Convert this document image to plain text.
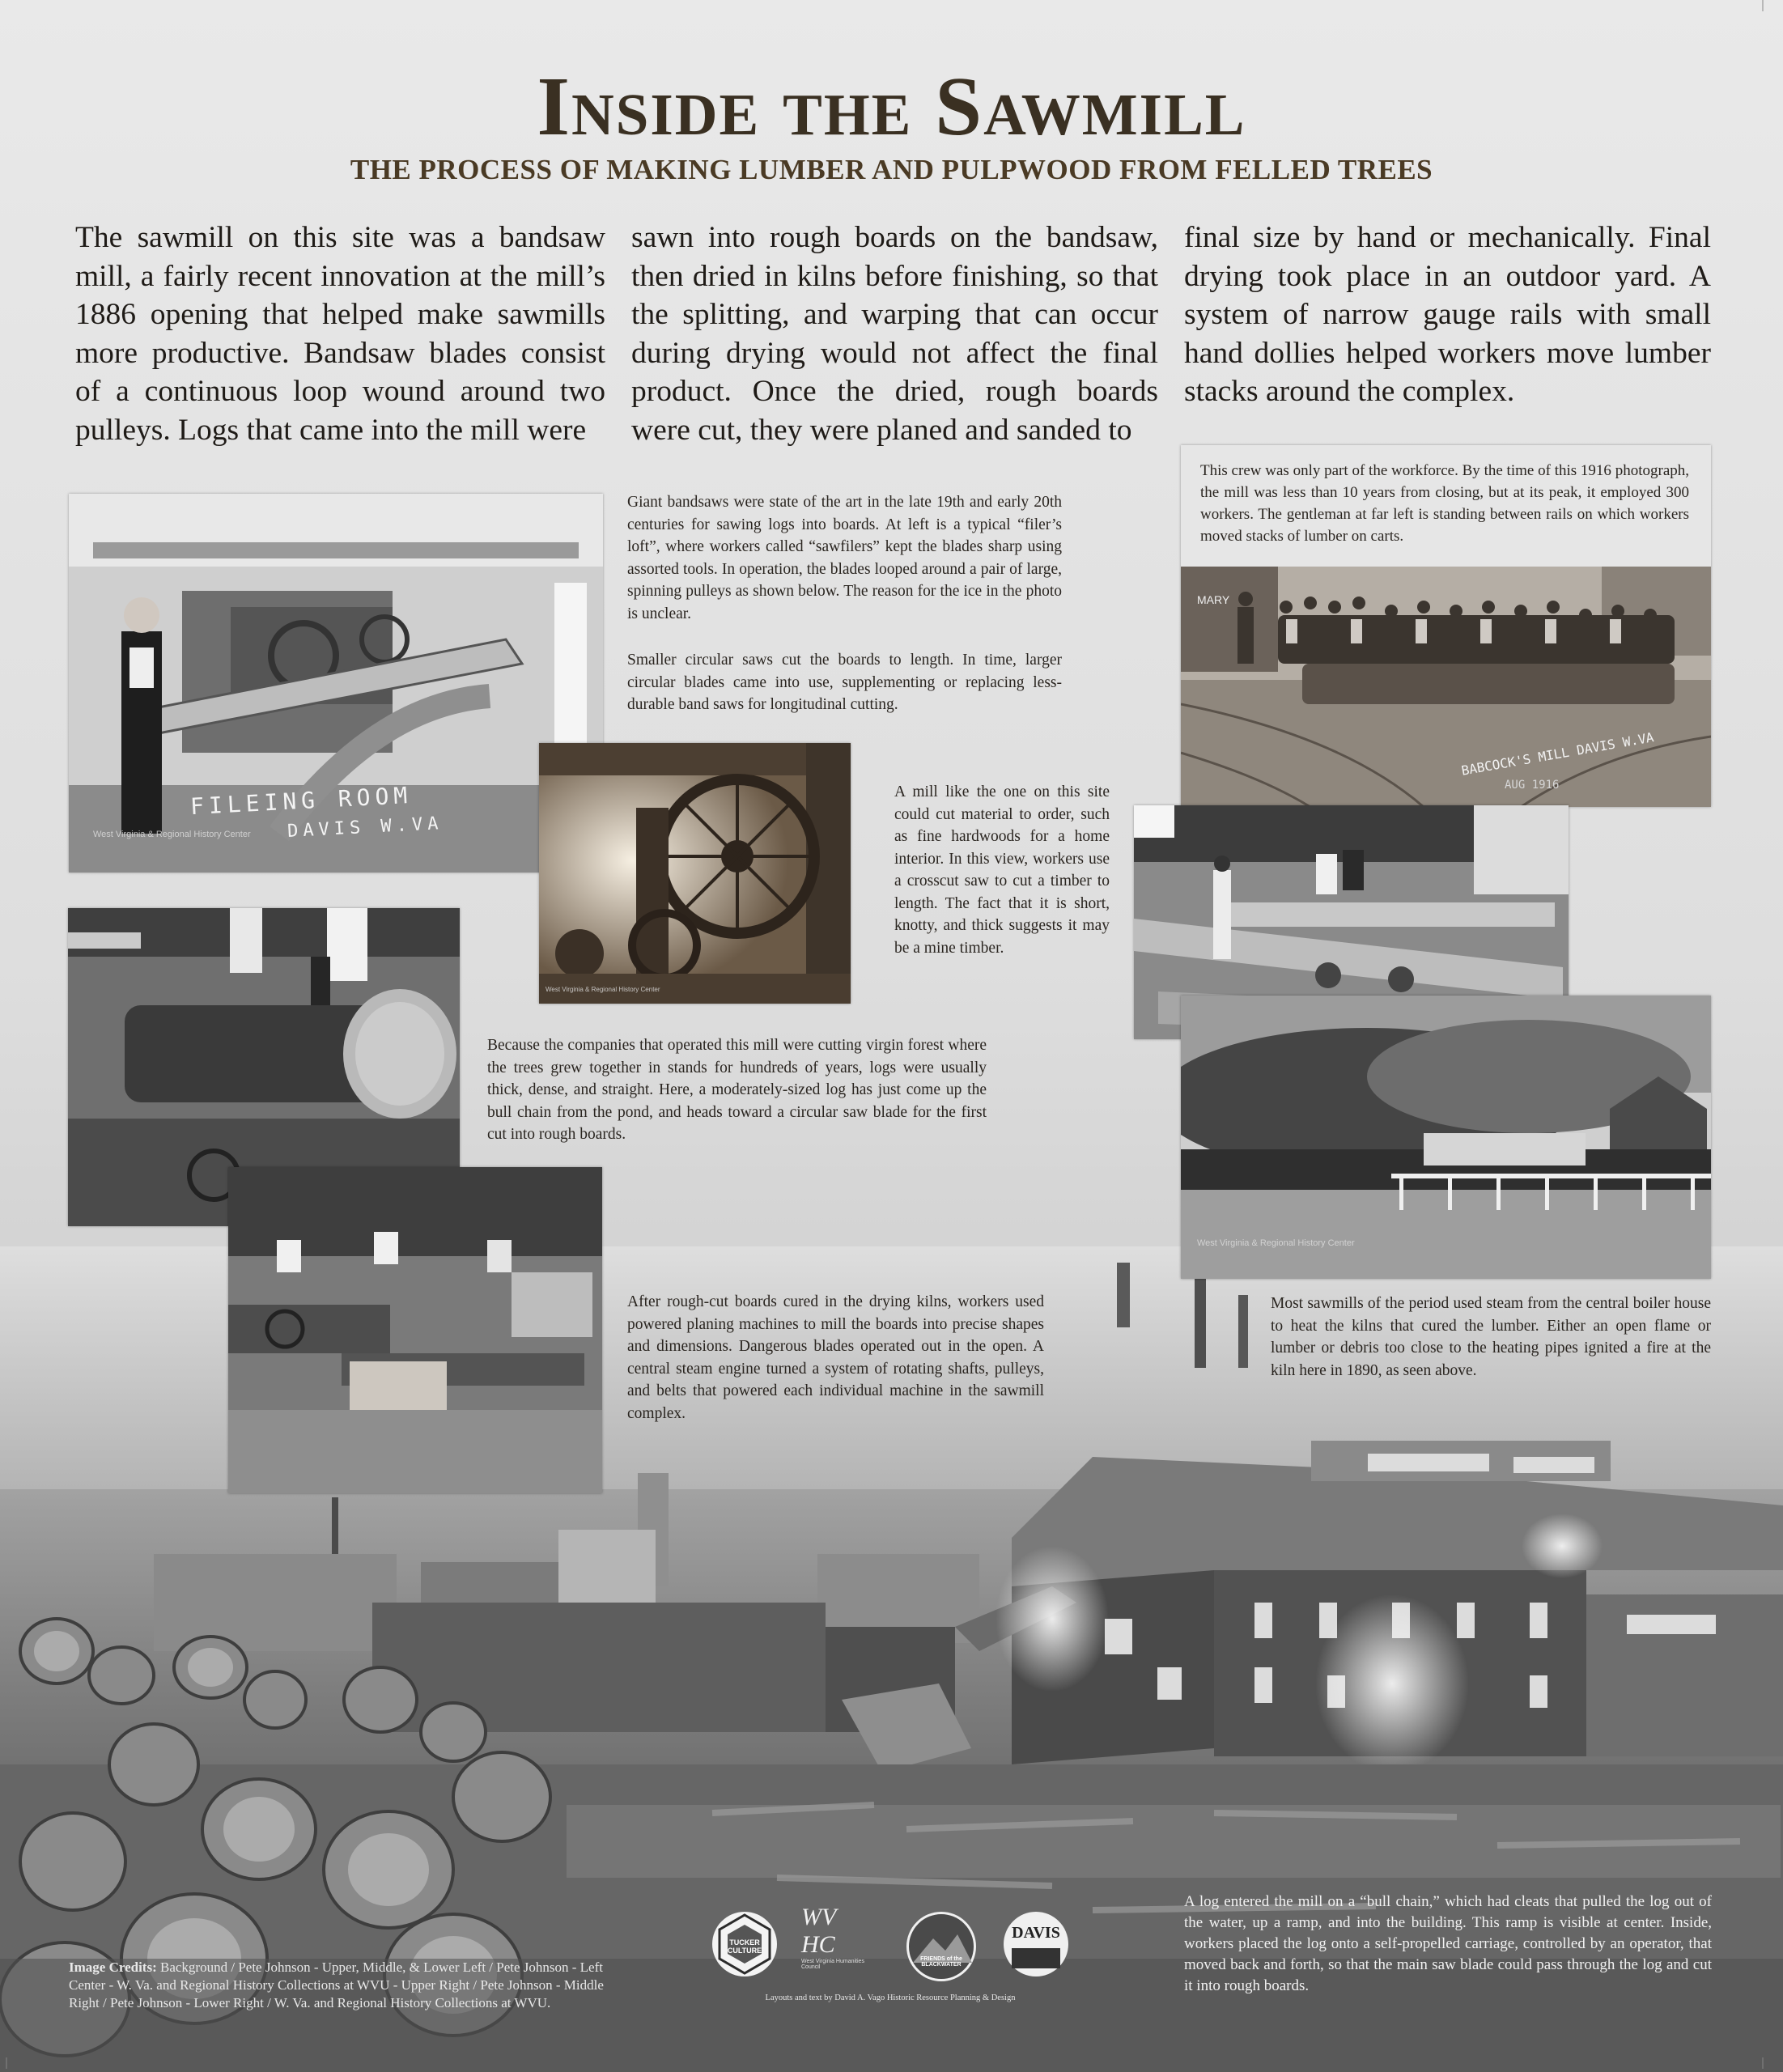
Inside the Sawmill
THE PROCESS OF MAKING LUMBER AND PULPWOOD FROM FELLED TREES
The sawmill on this site was a bandsaw mill, a fairly recent innovation at the mill’s 1886 opening that helped make sawmills more productive. Bandsaw blades consist of a continuous loop wound around two pulleys. Logs that came into the mill were
sawn into rough boards on the bandsaw, then dried in kilns before finishing, so that the splitting, and warping that can occur during drying would not affect the final product. Once the dried, rough boards were cut, they were planed and sanded to
final size by hand or mechanically. Final drying took place in an outdoor yard. A system of narrow gauge rails with small hand dollies helped workers move lumber stacks around the complex.
FILEING ROOM
DAVIS W.VA
West Virginia & Regional History Center
West Virginia & Regional History Center
This crew was only part of the workforce. By the time of this 1916 photograph, the mill was less than 10 years from closing, but at its peak, it employed 300 workers. The gentleman at far left is standing between rails on which workers moved stacks of lumber on carts.
MARY
BABCOCK'S MILL DAVIS W.VA
AUG 1916
West Virginia & Regional History Center
Giant bandsaws were state of the art in the late 19th and early 20th centuries for sawing logs into boards. At left is a typical “filer’s loft”, where workers called “sawfilers” kept the blades sharp using assorted tools. In operation, the blades looped around a pair of large, spinning pulleys as shown below. The reason for the ice in the photo is unclear.
Smaller circular saws cut the boards to length. In time, larger circular blades came into use, supplementing or replacing less-durable band saws for longitudinal cutting.
A mill like the one on this site could cut material to order, such as fine hardwoods for a home interior. In this view, workers use a crosscut saw to cut a timber to length. The fact that it is short, knotty, and thick suggests it may be a mine timber.
Because the companies that operated this mill were cutting virgin forest where the trees grew together in stands for hundreds of years, logs were usually thick, dense, and straight. Here, a moderately-sized log has just come up the bull chain from the pond, and heads toward a circular saw blade for the first cut into rough boards.
After rough-cut boards cured in the drying kilns, workers used powered planing machines to mill the boards into precise shapes and dimensions. Dangerous blades operated out in the open. A central steam engine turned a system of rotating shafts, pulleys, and belts that powered each individual machine in the sawmill complex.
Most sawmills of the period used steam from the central boiler house to heat the kilns that cured the lumber. Either an open flame or lumber or debris too close to the heating pipes ignited a fire at the kiln here in 1890, as seen above.
A log entered the mill on a “bull chain,” which had cleats that pulled the log out of the water, up a ramp, and into the building. This ramp is visible at center. Inside, workers placed the log onto a self-propelled carriage, controlled by an operator, that moved back and forth, so that the main saw blade could pass through the log and cut it into rough boards.
Image Credits: Background / Pete Johnson - Upper, Middle, & Lower Left / Pete Johnson - Left Center - W. Va. and Regional History Collections at WVU - Upper Right / Pete Johnson - Middle Right / Pete Johnson - Lower Right / W. Va. and Regional History Collections at WVU.
TUCKER CULTURE
WV HC
West Virginia Humanities Council
FRIENDS of the BLACKWATER
DAVIS
Layouts and text by David A. Vago Historic Resource Planning & Design
